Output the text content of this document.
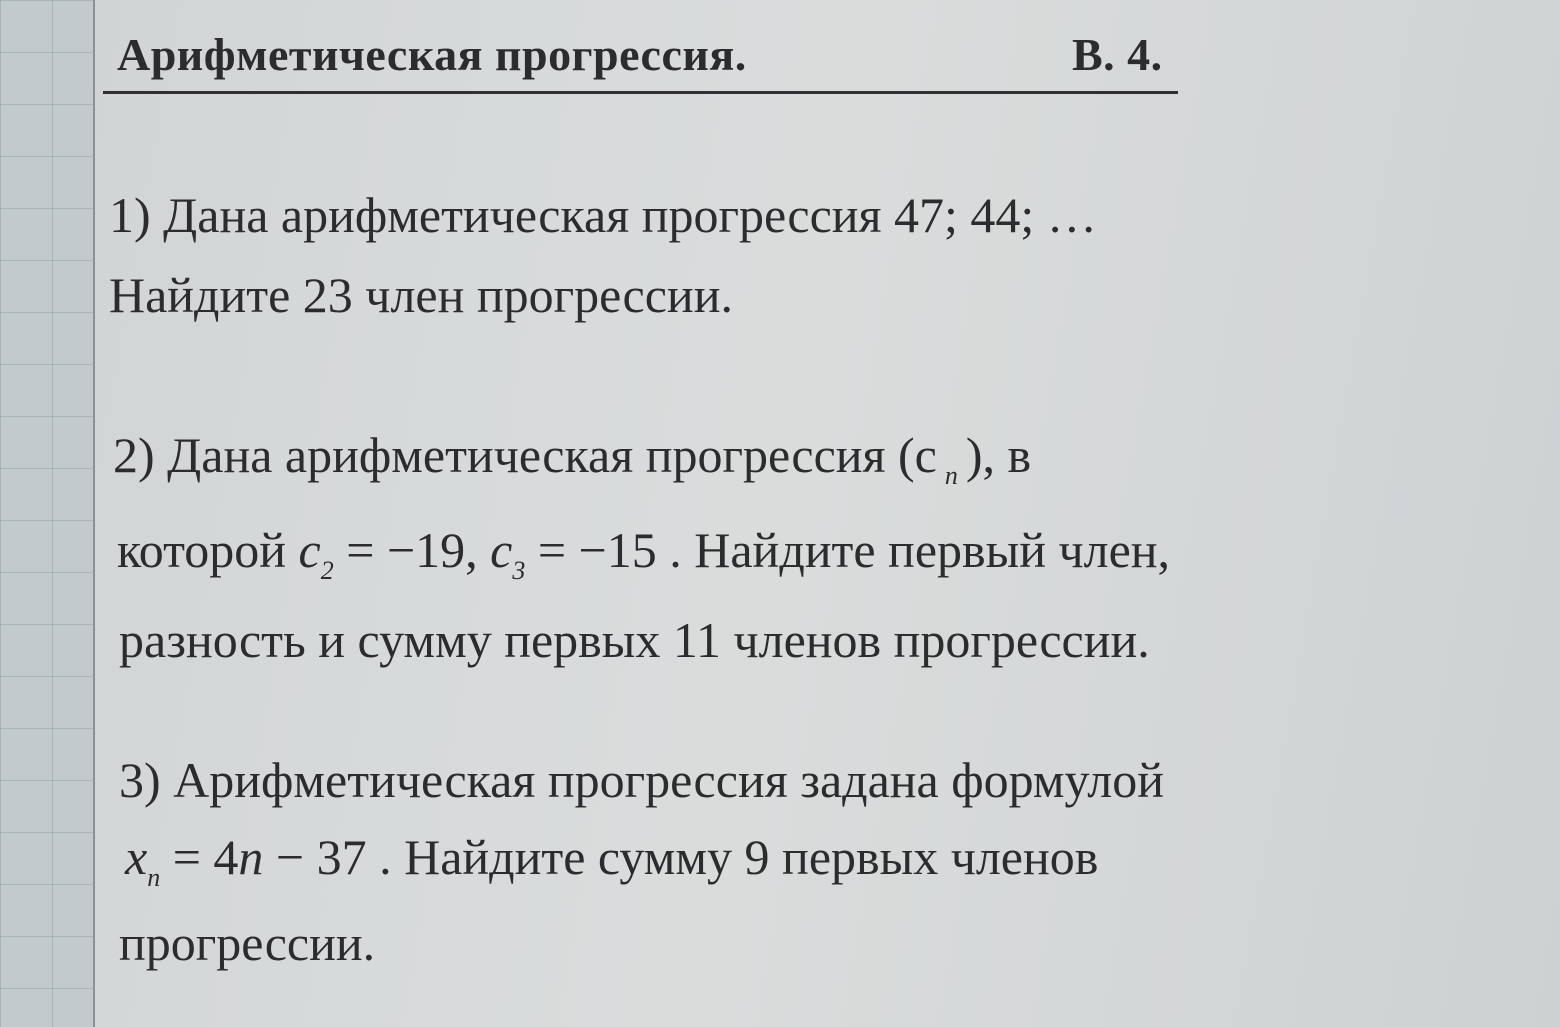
Арифметическая прогрессия.	В. 4.
1) Дана арифметическая прогрессия 47; 44; …
Найдите 23 член прогрессии.
2) Дана арифметическая прогрессия (с $_n$ ), в
которой $c_2 = -19$, $c_3 = -15$ . Найдите первый член,
разность и сумму первых 11 членов прогрессии.
3) Арифметическая прогрессия задана формулой
$x_n = 4n - 37$ . Найдите сумму 9 первых членов
прогрессии.
